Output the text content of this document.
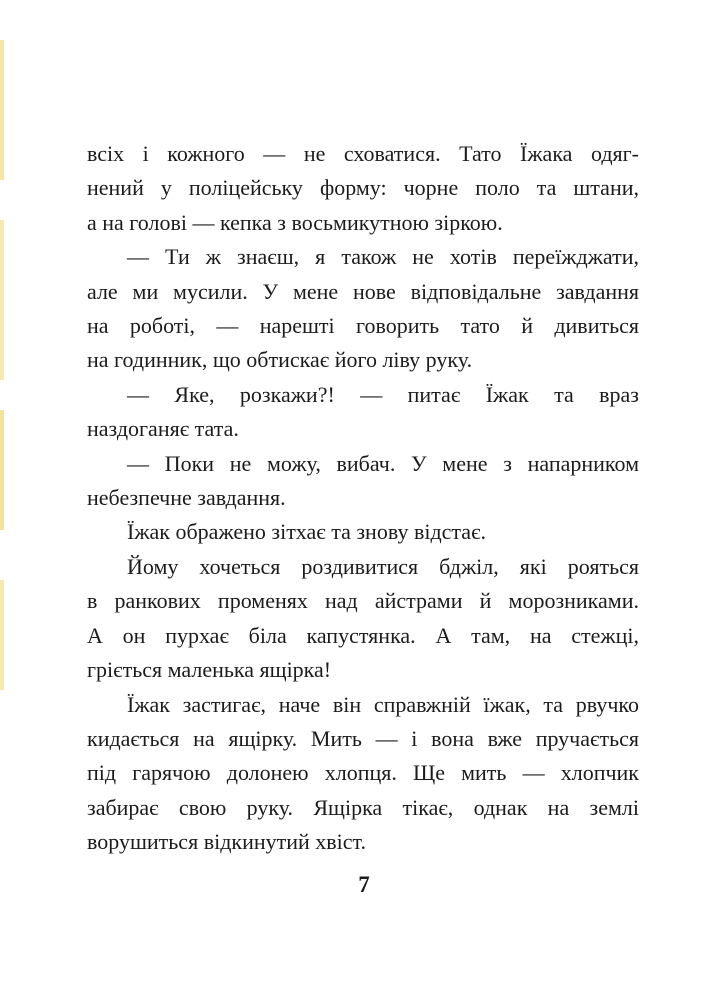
всіх і кожного — не сховатися. Тато Їжака одяг-
нений у поліцейську форму: чорне поло та штани,
а на голові — кепка з восьмикутною зіркою.
— Ти ж знаєш, я також не хотів переїжджати,
але ми мусили. У мене нове відповідальне завдання
на роботі, — нарешті говорить тато й дивиться
на годинник, що обтискає його ліву руку.
— Яке, розкажи?! — питає Їжак та враз
наздоганяє тата.
— Поки не можу, вибач. У мене з напарником
небезпечне завдання.
Їжак ображено зітхає та знову відстає.
Йому хочеться роздивитися бджіл, які рояться
в ранкових променях над айстрами й морозниками.
А он пурхає біла капустянка. А там, на стежці,
гріється маленька ящірка!
Їжак застигає, наче він справжній їжак, та рвучко
кидається на ящірку. Мить — і вона вже пручається
під гарячою долонею хлопця. Ще мить — хлопчик
забирає свою руку. Ящірка тікає, однак на землі
ворушиться відкинутий хвіст.
7
